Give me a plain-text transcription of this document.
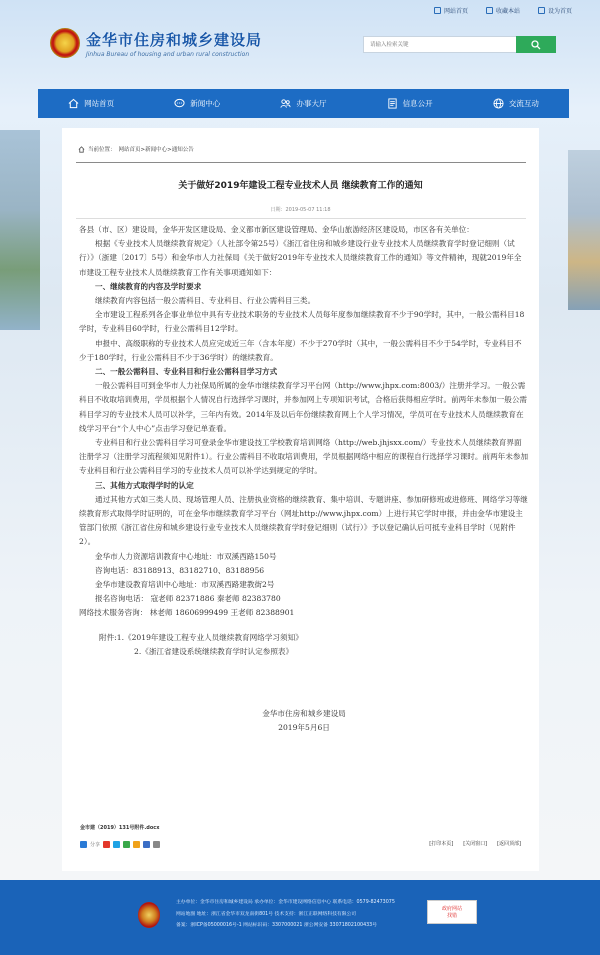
网站首页	收藏本站	设为首页
金华市住房和城乡建设局
Jinhua Bureau of housing and urban rural construction
请输入检索关键
网站首页	新闻中心	办事大厅	信息公开	交流互动
当前位置： 网站首页>新闻中心>通知公告
关于做好2019年建设工程专业技术人员 继续教育工作的通知
日期：2019-05-07 11:18

各县（市、区）建设局，金华开发区建设局、金义都市新区建设管理局、金华山旅游经济区建设局，市区各有关单位：

根据《专业技术人员继续教育规定》（人社部令第25号）《浙江省住房和城乡建设行业专业技术人员继续教育学时登记细则（试行）》（浙建〔2017〕5号）和金华市人力社保局《关于做好2019年专业技术人员继续教育工作的通知》等文件精神，现就2019年全市建设工程专业技术人员继续教育工作有关事项通知如下：

一、继续教育的内容及学时要求

继续教育内容包括一般公需科目、专业科目、行业公需科目三类。

全市建设工程系列各企事业单位中具有专业技术职务的专业技术人员每年度参加继续教育不少于90学时，其中，一般公需科目18学时，专业科目60学时，行业公需科目12学时。

申报中、高级职称的专业技术人员应完成近三年（含本年度）不少于270学时（其中，一般公需科目不少于54学时，专业科目不少于180学时，行业公需科目不少于36学时）的继续教育。

二、一般公需科目、专业科目和行业公需科目学习方式

一般公需科目可到金华市人力社保局所属的金华市继续教育学习平台网（http://www.jhpx.com:8003/）注册并学习。一般公需科目不收取培训费用，学员根据个人情况自行选择学习课时，并参加网上专项知识考试，合格后获得相应学时。前两年未参加一般公需科目学习的专业技术人员可以补学，三年内有效。2014年及以后年份继续教育网上个人学习情况，学员可在专业技术人员继续教育在线学习平台“个人中心”点击学习登记单查看。

专业科目和行业公需科目学习可登录金华市建设技工学校教育培训网络（http://web.jhjsxx.com/）专业技术人员继续教育界面注册学习（注册学习流程须知见附件1）。行业公需科目不收取培训费用，学员根据网络中相应的课程自行选择学习课时。前两年未参加专业科目和行业公需科目学习的专业技术人员可以补学达到规定的学时。

三、其他方式取得学时的认定

通过其他方式如三类人员、现场管理人员、注册执业资格的继续教育、集中培训、专题讲座、参加研修班或进修班、网络学习等继续教育形式取得学时证明的，可在金华市继续教育学习平台（网址http://www.jhpx.com）上进行其它学时申报，并由金华市建设主管部门依照《浙江省住房和城乡建设行业专业技术人员继续教育学时登记细则（试行）》予以登记确认后可抵专业科目学时（见附件2）。

金华市人力资源培训教育中心地址：市双溪西路150号

咨询电话：83188913、83182710、83188956

金华市建设教育培训中心地址：市双溪西路建教街2号

报名咨询电话： 寇老师 82371886 秦老师 82383780

网络技术服务咨询： 林老师 18606999499 王老师 82388901

附件:1.《2019年建设工程专业人员继续教育网络学习须知》

2.《浙江省建设系统继续教育学时认定参照表》

金华市住房和城乡建设局

2019年5月6日

金市建（2019）131号附件.docx
分享	[打印本页] [关闭窗口] [返回顶部]
主办单位：金华市住房和城乡建设局 承办单位：金华市建设网络信息中心 联系电话：0579-82473075
网站地图 地址：浙江省金华市双龙南街801号 技术支持：浙江正联网络科技有限公司
备案：浙ICP备05000016号-1 网站标识码：3307000021 浙公网安备 33071802100433号
政府网站
找错
